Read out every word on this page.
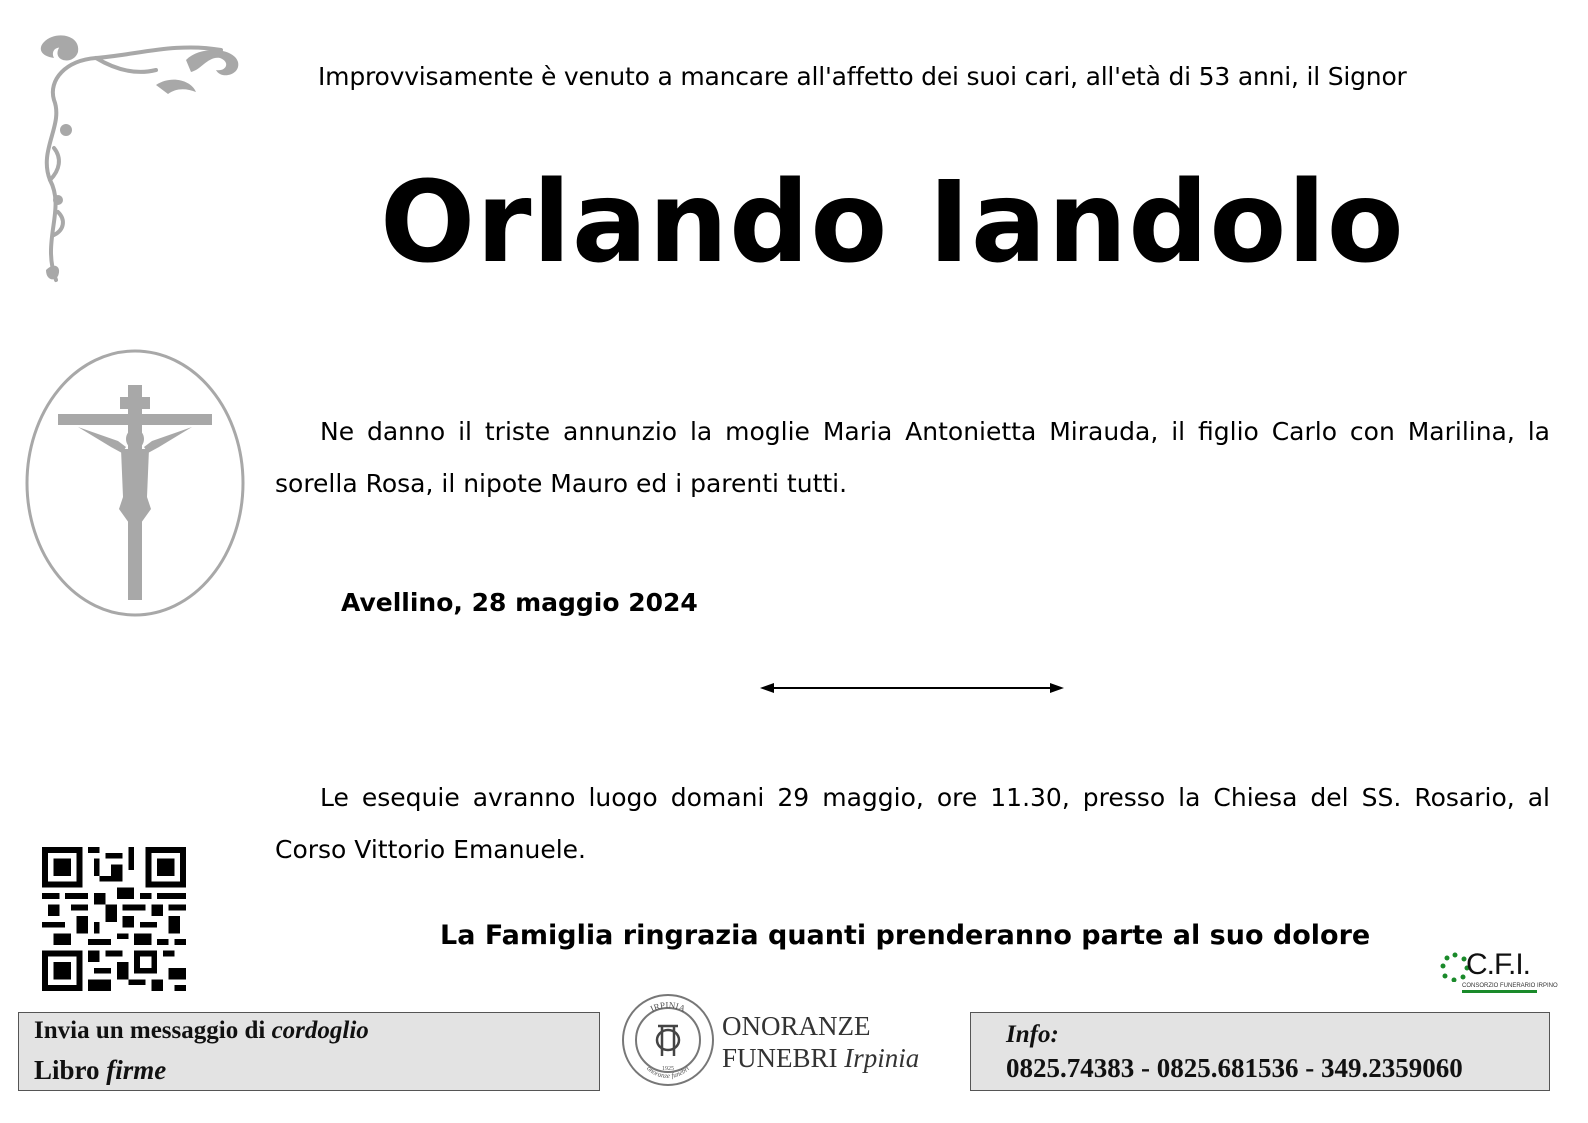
Improvvisamente è venuto a mancare all'affetto dei suoi cari, all'età di 53 anni, il Signor
Orlando Iandolo
Ne danno il triste annunzio la moglie Maria Antonietta Mirauda, il figlio Carlo con Marilina, la sorella Rosa, il nipote Mauro ed i parenti tutti.
Avellino, 28 maggio 2024
Le esequie avranno luogo domani 29 maggio, ore 11.30, presso la Chiesa del SS. Rosario, al Corso Vittorio Emanuele.
La Famiglia ringrazia quanti prenderanno parte al suo dolore
Invia un messaggio di cordoglio
Libro firme
IRPINIA
onoranze funebri
1925
ONORANZE
FUNEBRI Irpinia
Info:
0825.74383 - 0825.681536 - 349.2359060
C.F.I.
CONSORZIO FUNERARIO IRPINO
